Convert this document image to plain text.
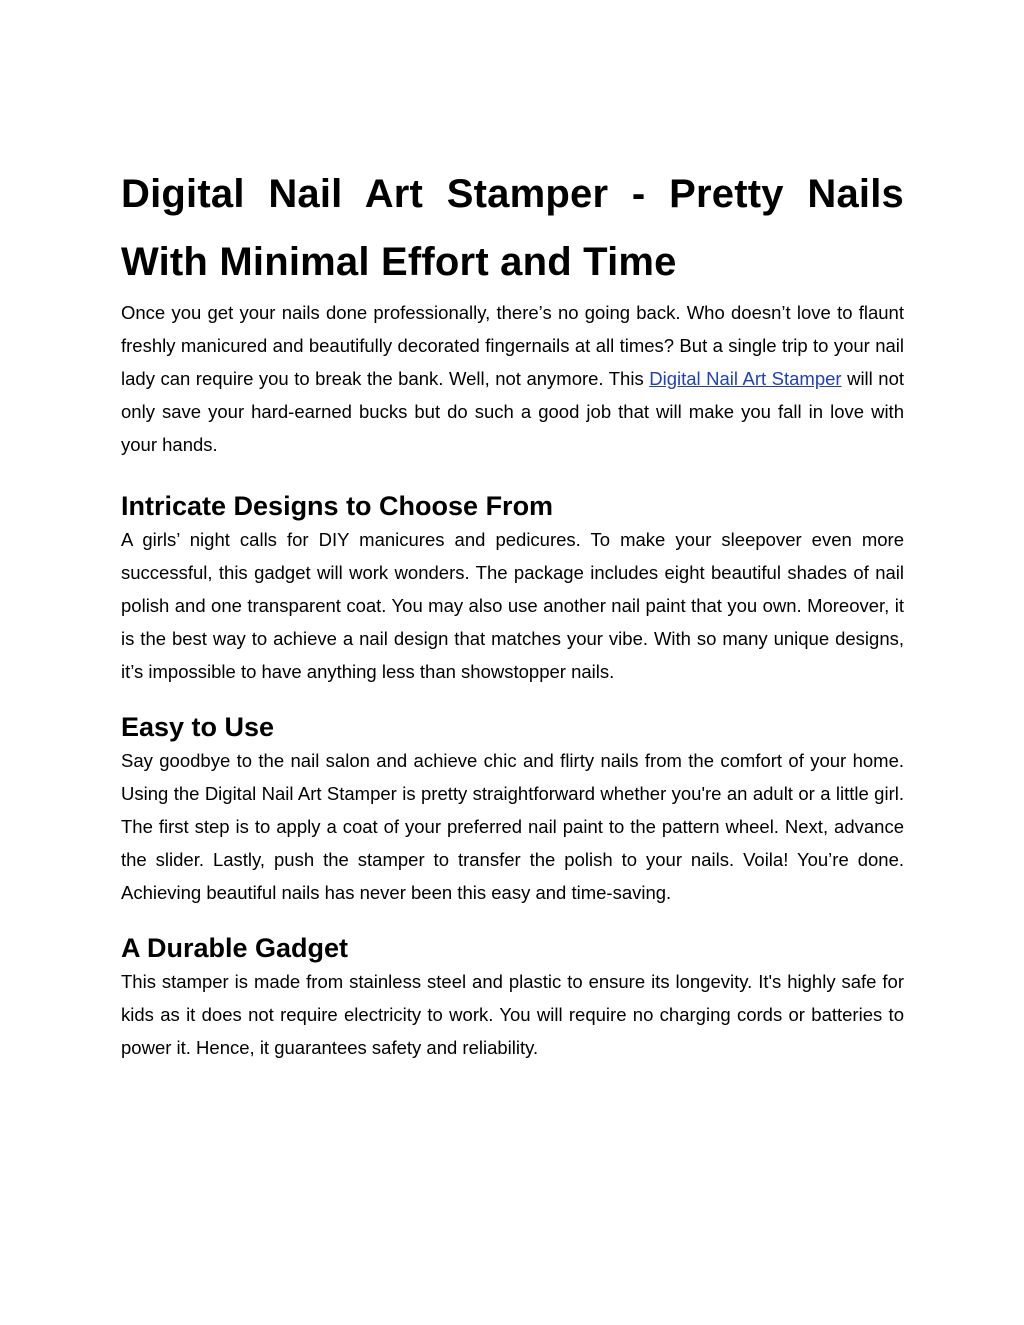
Digital Nail Art Stamper - Pretty Nails With Minimal Effort and Time

Once you get your nails done professionally, there’s no going back. Who doesn’t love to flaunt freshly manicured and beautifully decorated fingernails at all times? But a single trip to your nail lady can require you to break the bank. Well, not anymore. This Digital Nail Art Stamper will not only save your hard-earned bucks but do such a good job that will make you fall in love with your hands.

Intricate Designs to Choose From

A girls’ night calls for DIY manicures and pedicures. To make your sleepover even more successful, this gadget will work wonders. The package includes eight beautiful shades of nail polish and one transparent coat. You may also use another nail paint that you own. Moreover, it is the best way to achieve a nail design that matches your vibe. With so many unique designs, it’s impossible to have anything less than showstopper nails.

Easy to Use

Say goodbye to the nail salon and achieve chic and flirty nails from the comfort of your home. Using the Digital Nail Art Stamper is pretty straightforward whether you're an adult or a little girl. The first step is to apply a coat of your preferred nail paint to the pattern wheel. Next, advance the slider. Lastly, push the stamper to transfer the polish to your nails. Voila! You’re done. Achieving beautiful nails has never been this easy and time-saving.

A Durable Gadget

This stamper is made from stainless steel and plastic to ensure its longevity. It's highly safe for kids as it does not require electricity to work. You will require no charging cords or batteries to power it. Hence, it guarantees safety and reliability.
